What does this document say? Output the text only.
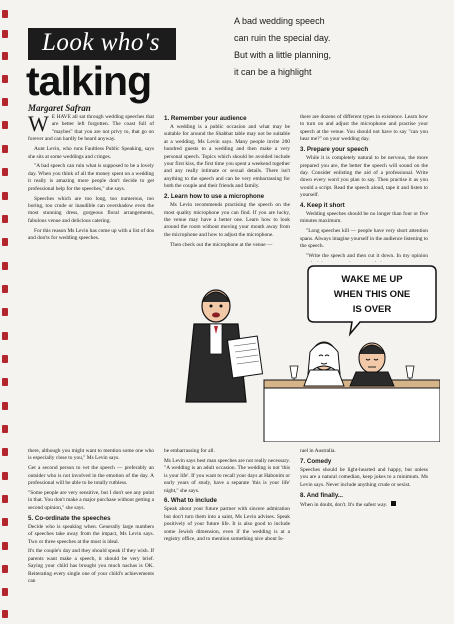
Look who's
talking

A bad wedding speech

can ruin the special day.

But with a little planning,

it can be a highlight

Margaret Safran

W E HAVE all sat through wedding speeches that are better left forgotten. The coast full of "maybes" that you are not privy to, that go on forever and can hardly be heard anyway.

Aunt Levin, who runs Faultless Public Speaking, says she sits at some weddings and cringes.

"A bad speech can ruin what is supposed to be a lovely day. When you think of all the money spent on a wedding it really is amazing more people don't decide to get professional help for the speeches," she says.

Speeches which are too long, too numerous, too boring, too crude or inaudible can overshadow even the most stunning dress, gorgeous floral arrangements, fabulous venue and delicious catering.

For this reason Ms Levin has come up with a list of dos and don'ts for wedding speeches.

1. Remember your audience

A wedding is a public occasion and what may be suitable for around the Shabbat table may not be suitable at a wedding, Ms Levin says. Many people invite 200 hundred guests to a wedding and then make a very personal speech. Topics which should be avoided include your first kiss, the first time you spent a weekend together and any really intimate or sexual details. There isn't anything to the speech and can be very embarrassing for both the couple and their friends and family.

2. Learn how to use a microphone

Ms Levin recommends practising the speech on the most quality microphone you can find. If you are lucky, the venue may have a better one. Learn how to look around the room without moving your mouth away from the microphone and how to adjust the microphone.

Then check out the microphone at the venue —

there are dozens of different types in existence. Learn how to turn on and adjust the microphone and practise your speech at the venue. You should not have to say "can you hear me?" on your wedding day.

3. Prepare your speech

While it is completely natural to be nervous, the more prepared you are, the better the speech will sound on the day. Consider enlisting the aid of a professional. Write down every word you plan to say. Then practise it as you would a script. Read the speech aloud, tape it and listen to yourself.

4. Keep it short

Wedding speeches should be no longer than four or five minutes maximum.

"Long speeches kill — people have very short attention spans. Always imagine yourself in the audience listening to the speech.

"Write the speech and then cut it down. In my opinion

WAKE ME UP
WHEN THIS ONE
IS OVER

there, although you might want to mention some one who is especially close to you," Ms Levin says.

Get a second person to vet the speech — preferably an outsider who is not involved in the emotion of the day. A professional will be able to be totally ruthless.

"Some people are very sensitive, but I don't see any point in that. You don't make a major purchase without getting a second opinion," she says.

5. Co-ordinate the speeches

Decide who is speaking when. Generally large numbers of speeches take away from the impact, Ms Levin says. Two or three speeches at the most is ideal.

It's the couple's day and they should speak if they wish. If parents want make a speech, it should be very brief. Saying your child has brought you much nachas is OK. Reiterating every single one of your child's achievements can

be embarrassing for all.

Ms Levin says best man speeches are not really necessary. "A wedding is an adult occasion. The wedding is not 'this is your life'. If you want to recall your days at Habonim or early years of study, have a separate 'this is your life' night," she says.

6. What to include

Speak about your future partner with sincere admiration but don't turn them into a saint, Ms Levin advises. Speak positively of your future life. It is also good to include some Jewish dimension, even if the wedding is at a registry office, and to mention something nice about Is-

rael in Australia.

7. Comedy

Speeches should be light-hearted and happy, but unless you are a natural comedian, keep jokes to a minimum. Ms Levin says. Never include anything crude or sexist.

8. And finally...

When in doubt, don't. It's the safest way.
